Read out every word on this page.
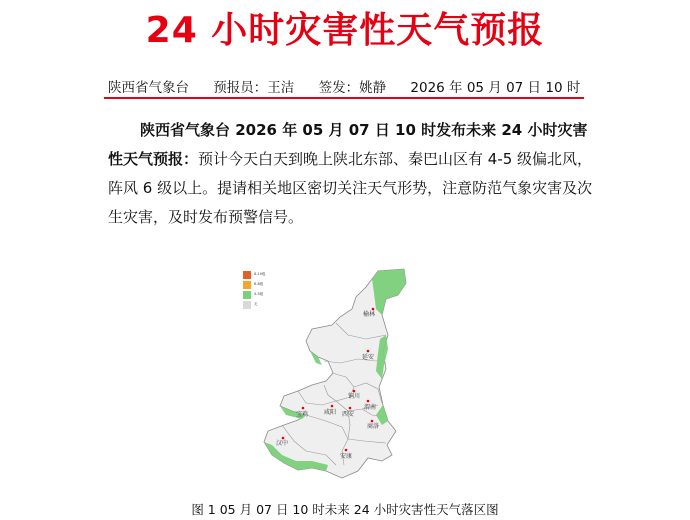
24 小时灾害性天气预报
陕西省气象台 预报员：王洁 签发：姚静 2026 年 05 月 07 日 10 时
陕西省气象台 2026 年 05 月 07 日 10 时发布未来 24 小时灾害性天气预报：预计今天白天到晚上陕北东部、秦巴山区有 4-5 级偏北风，阵风 6 级以上。提请相关地区密切关注天气形势，注意防范气象灾害及次生灾害，及时发布预警信号。
榆林
延安
铜川
宝鸡	咸阳 西安
渭南
商洛
汉中
安康
8-10级
6-8级
4-5级
无
图 1 05 月 07 日 10 时未来 24 小时灾害性天气落区图
